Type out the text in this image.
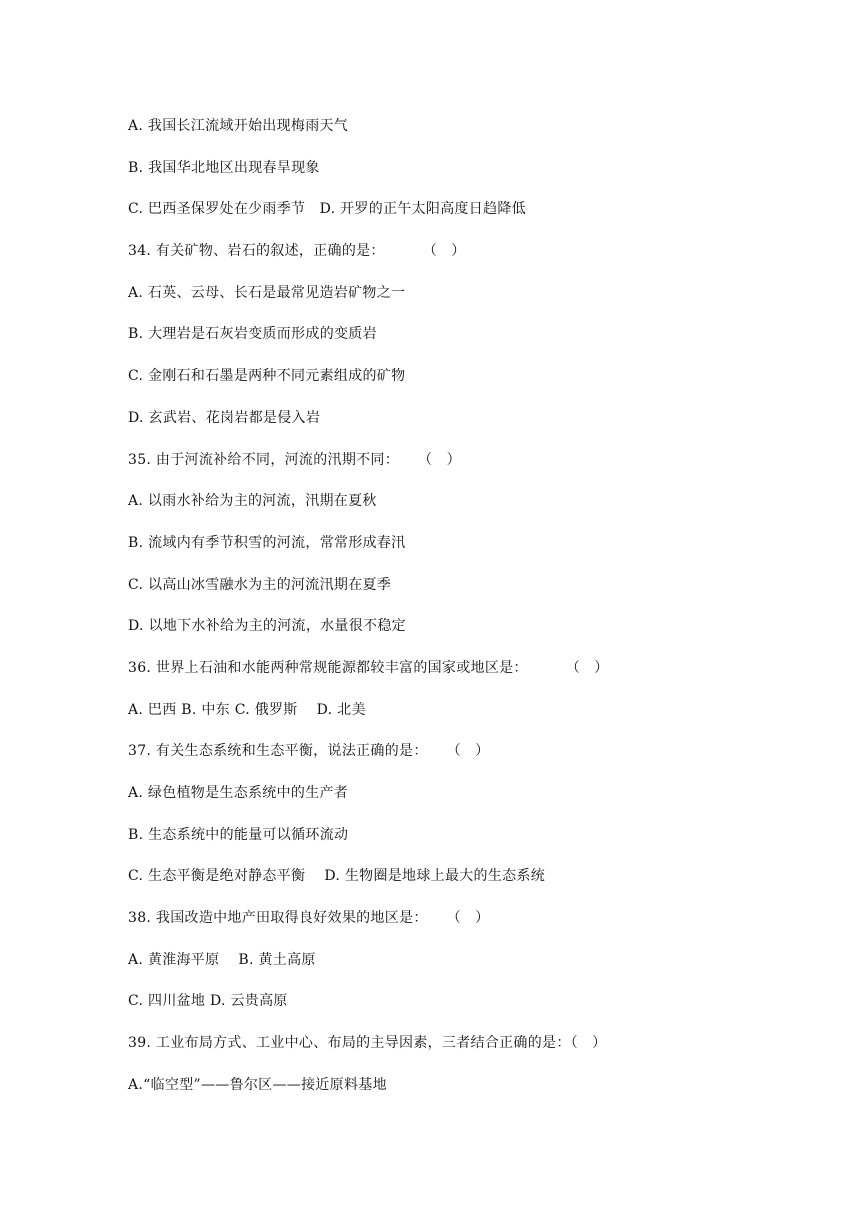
A. 我国长江流域开始出现梅雨天气
B. 我国华北地区出现春旱现象
C. 巴西圣保罗处在少雨季节   D. 开罗的正午太阳高度日趋降低
34. 有关矿物、岩石的叙述，正确的是：        （   ）
A. 石英、云母、长石是最常见造岩矿物之一
B. 大理岩是石灰岩变质而形成的变质岩
C. 金刚石和石墨是两种不同元素组成的矿物
D. 玄武岩、花岗岩都是侵入岩
35. 由于河流补给不同，河流的汛期不同：    （   ）
A. 以雨水补给为主的河流，汛期在夏秋
B. 流域内有季节积雪的河流，常常形成春汛
C. 以高山冰雪融水为主的河流汛期在夏季
D. 以地下水补给为主的河流，水量很不稳定
36. 世界上石油和水能两种常规能源都较丰富的国家或地区是：        （   ）
A. 巴西 B. 中东 C. 俄罗斯    D. 北美
37. 有关生态系统和生态平衡，说法正确的是：    （   ）
A. 绿色植物是生态系统中的生产者
B. 生态系统中的能量可以循环流动
C. 生态平衡是绝对静态平衡    D. 生物圈是地球上最大的生态系统
38. 我国改造中地产田取得良好效果的地区是：    （   ）
A. 黄淮海平原    B. 黄土高原
C. 四川盆地 D. 云贵高原
39. 工业布局方式、工业中心、布局的主导因素，三者结合正确的是：（   ）
A.“临空型”——鲁尔区——接近原料基地
